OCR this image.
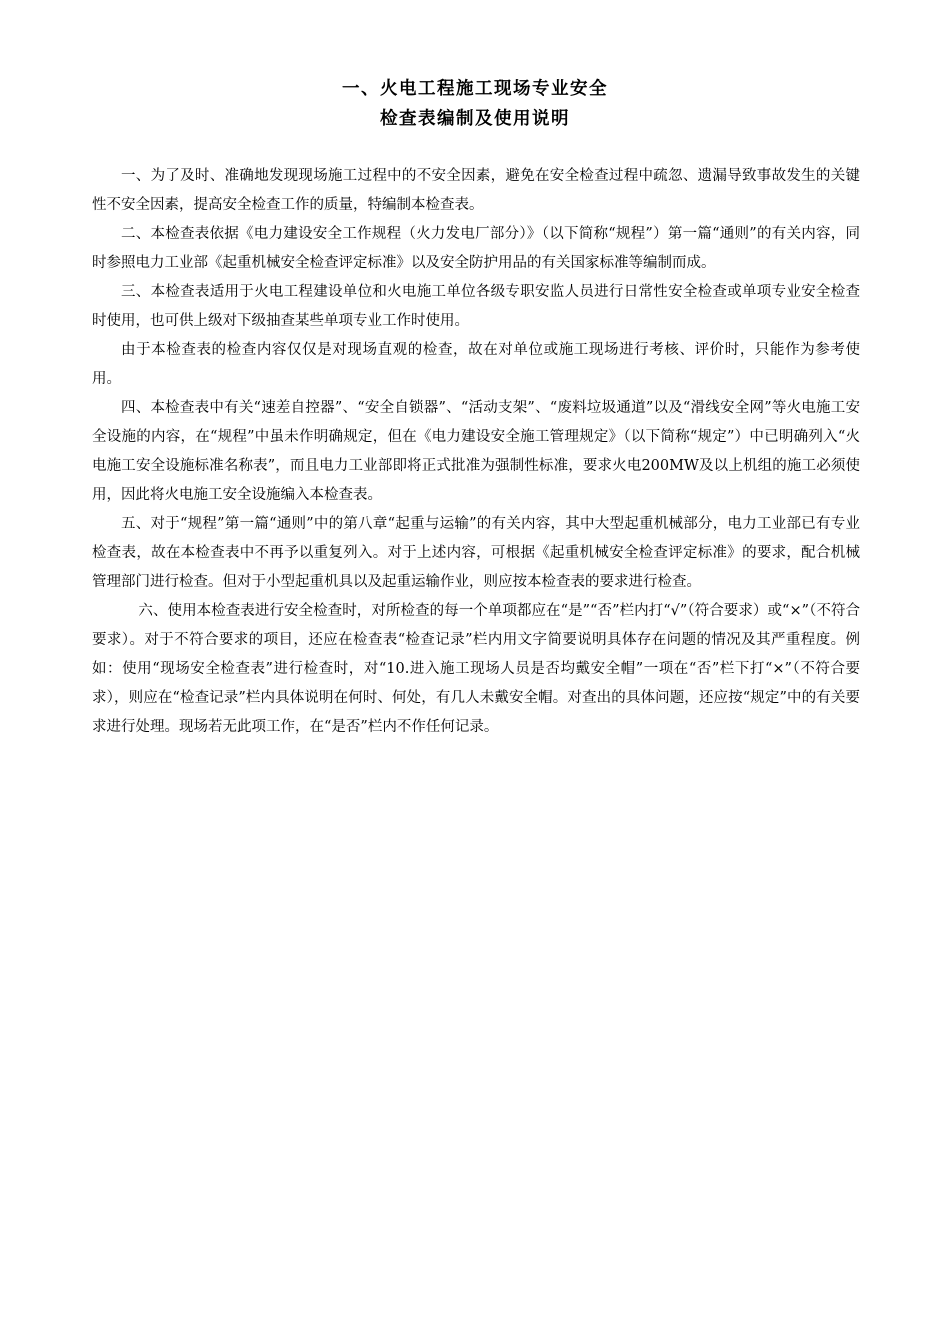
一、火电工程施工现场专业安全
检查表编制及使用说明

一、为了及时、准确地发现现场施工过程中的不安全因素，避免在安全检查过程中疏忽、遗漏导致事故发生的关键性不安全因素，提高安全检查工作的质量，特编制本检查表。

二、本检查表依据《电力建设安全工作规程（火力发电厂部分）》（以下简称“规程”）第一篇“通则”的有关内容，同时参照电力工业部《起重机械安全检查评定标准》以及安全防护用品的有关国家标准等编制而成。

三、本检查表适用于火电工程建设单位和火电施工单位各级专职安监人员进行日常性安全检查或单项专业安全检查时使用，也可供上级对下级抽查某些单项专业工作时使用。

由于本检查表的检查内容仅仅是对现场直观的检查，故在对单位或施工现场进行考核、评价时，只能作为参考使用。

四、本检查表中有关“速差自控器”、“安全自锁器”、“活动支架”、“废料垃圾通道”以及“滑线安全网”等火电施工安全设施的内容，在“规程”中虽未作明确规定，但在《电力建设安全施工管理规定》（以下简称“规定”）中已明确列入“火电施工安全设施标准名称表”，而且电力工业部即将正式批准为强制性标准，要求火电200MW及以上机组的施工必须使用，因此将火电施工安全设施编入本检查表。

五、对于“规程”第一篇“通则”中的第八章“起重与运输”的有关内容，其中大型起重机械部分，电力工业部已有专业检查表，故在本检查表中不再予以重复列入。对于上述内容，可根据《起重机械安全检查评定标准》的要求，配合机械管理部门进行检查。但对于小型起重机具以及起重运输作业，则应按本检查表的要求进行检查。

六、使用本检查表进行安全检查时，对所检查的每一个单项都应在“是”“否”栏内打“√”（符合要求）或“×”（不符合要求）。对于不符合要求的项目，还应在检查表“检查记录”栏内用文字简要说明具体存在问题的情况及其严重程度。例如：使用“现场安全检查表”进行检查时，对“10.进入施工现场人员是否均戴安全帽”一项在“否”栏下打“×”（不符合要求），则应在“检查记录”栏内具体说明在何时、何处，有几人未戴安全帽。对查出的具体问题，还应按“规定”中的有关要求进行处理。现场若无此项工作，在“是否”栏内不作任何记录。
